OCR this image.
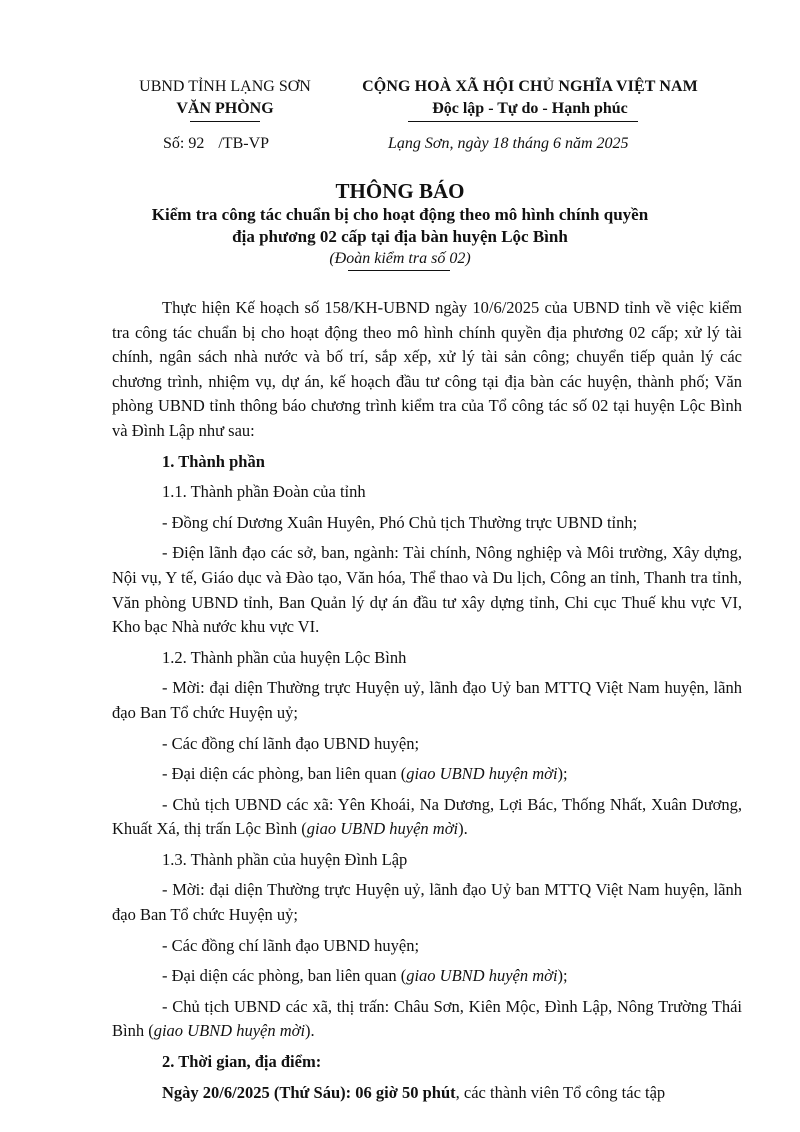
UBND TỈNH LẠNG SƠN
VĂN PHÒNG
CỘNG HOÀ XÃ HỘI CHỦ NGHĨA VIỆT NAM
Độc lập - Tự do - Hạnh phúc
Số: 92 /TB-VP	Lạng Sơn, ngày 18 tháng 6 năm 2025
THÔNG BÁO
Kiểm tra công tác chuẩn bị cho hoạt động theo mô hình chính quyền
địa phương 02 cấp tại địa bàn huyện Lộc Bình
(Đoàn kiểm tra số 02)

Thực hiện Kế hoạch số 158/KH-UBND ngày 10/6/2025 của UBND tỉnh về việc kiểm tra công tác chuẩn bị cho hoạt động theo mô hình chính quyền địa phương 02 cấp; xử lý tài chính, ngân sách nhà nước và bố trí, sắp xếp, xử lý tài sản công; chuyển tiếp quản lý các chương trình, nhiệm vụ, dự án, kế hoạch đầu tư công tại địa bàn các huyện, thành phố; Văn phòng UBND tỉnh thông báo chương trình kiểm tra của Tổ công tác số 02 tại huyện Lộc Bình và Đình Lập như sau:

1. Thành phần

1.1. Thành phần Đoàn của tỉnh

- Đồng chí Dương Xuân Huyên, Phó Chủ tịch Thường trực UBND tỉnh;

- Điện lãnh đạo các sở, ban, ngành: Tài chính, Nông nghiệp và Môi trường, Xây dựng, Nội vụ, Y tế, Giáo dục và Đào tạo, Văn hóa, Thể thao và Du lịch, Công an tỉnh, Thanh tra tỉnh, Văn phòng UBND tỉnh, Ban Quản lý dự án đầu tư xây dựng tỉnh, Chi cục Thuế khu vực VI, Kho bạc Nhà nước khu vực VI.

1.2. Thành phần của huyện Lộc Bình

- Mời: đại diện Thường trực Huyện uỷ, lãnh đạo Uỷ ban MTTQ Việt Nam huyện, lãnh đạo Ban Tổ chức Huyện uỷ;

- Các đồng chí lãnh đạo UBND huyện;

- Đại diện các phòng, ban liên quan (giao UBND huyện mời);

- Chủ tịch UBND các xã: Yên Khoái, Na Dương, Lợi Bác, Thống Nhất, Xuân Dương, Khuất Xá, thị trấn Lộc Bình (giao UBND huyện mời).

1.3. Thành phần của huyện Đình Lập

- Mời: đại diện Thường trực Huyện uỷ, lãnh đạo Uỷ ban MTTQ Việt Nam huyện, lãnh đạo Ban Tổ chức Huyện uỷ;

- Các đồng chí lãnh đạo UBND huyện;

- Đại diện các phòng, ban liên quan (giao UBND huyện mời);

- Chủ tịch UBND các xã, thị trấn: Châu Sơn, Kiên Mộc, Đình Lập, Nông Trường Thái Bình (giao UBND huyện mời).

2. Thời gian, địa điểm:

Ngày 20/6/2025 (Thứ Sáu): 06 giờ 50 phút, các thành viên Tổ công tác tập
